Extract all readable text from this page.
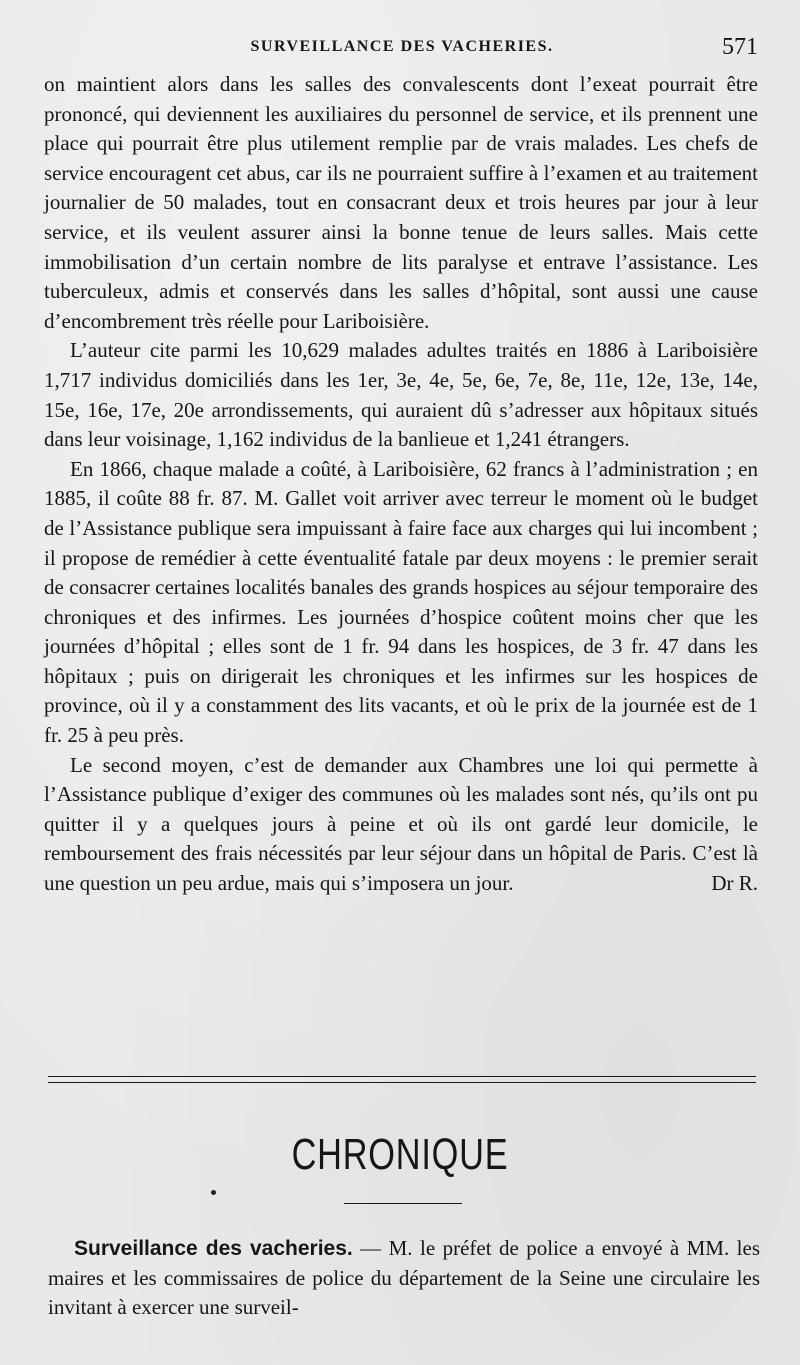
SURVEILLANCE DES VACHERIES.	571

on maintient alors dans les salles des convalescents dont l’exeat pourrait être prononcé, qui deviennent les auxiliaires du personnel de service, et ils prennent une place qui pourrait être plus utilement remplie par de vrais malades. Les chefs de service encouragent cet abus, car ils ne pourraient suffire à l’examen et au traitement journalier de 50 malades, tout en consacrant deux et trois heures par jour à leur service, et ils veulent assurer ainsi la bonne tenue de leurs salles. Mais cette immobilisation d’un certain nombre de lits paralyse et entrave l’assistance. Les tuberculeux, admis et conservés dans les salles d’hôpital, sont aussi une cause d’encombrement très réelle pour Lariboisière.

L’auteur cite parmi les 10,629 malades adultes traités en 1886 à Lariboisière 1,717 individus domiciliés dans les 1er, 3e, 4e, 5e, 6e, 7e, 8e, 11e, 12e, 13e, 14e, 15e, 16e, 17e, 20e arrondissements, qui auraient dû s’adresser aux hôpitaux situés dans leur voisinage, 1,162 individus de la banlieue et 1,241 étrangers.

En 1866, chaque malade a coûté, à Lariboisière, 62 francs à l’administration ; en 1885, il coûte 88 fr. 87. M. Gallet voit arriver avec terreur le moment où le budget de l’Assistance publique sera impuissant à faire face aux charges qui lui incombent ; il propose de remédier à cette éventualité fatale par deux moyens : le premier serait de consacrer certaines localités banales des grands hospices au séjour temporaire des chroniques et des infirmes. Les journées d’hospice coûtent moins cher que les journées d’hôpital ; elles sont de 1 fr. 94 dans les hospices, de 3 fr. 47 dans les hôpitaux ; puis on dirigerait les chroniques et les infirmes sur les hospices de province, où il y a constamment des lits vacants, et où le prix de la journée est de 1 fr. 25 à peu près.

Le second moyen, c’est de demander aux Chambres une loi qui permette à l’Assistance publique d’exiger des communes où les malades sont nés, qu’ils ont pu quitter il y a quelques jours à peine et où ils ont gardé leur domicile, le remboursement des frais nécessités par leur séjour dans un hôpital de Paris. C’est là une question un peu ardue, mais qui s’imposera un jour.	Dr R.

CHRONIQUE

Surveillance des vacheries. — M. le préfet de police a envoyé à MM. les maires et les commissaires de police du département de la Seine une circulaire les invitant à exercer une surveil-
